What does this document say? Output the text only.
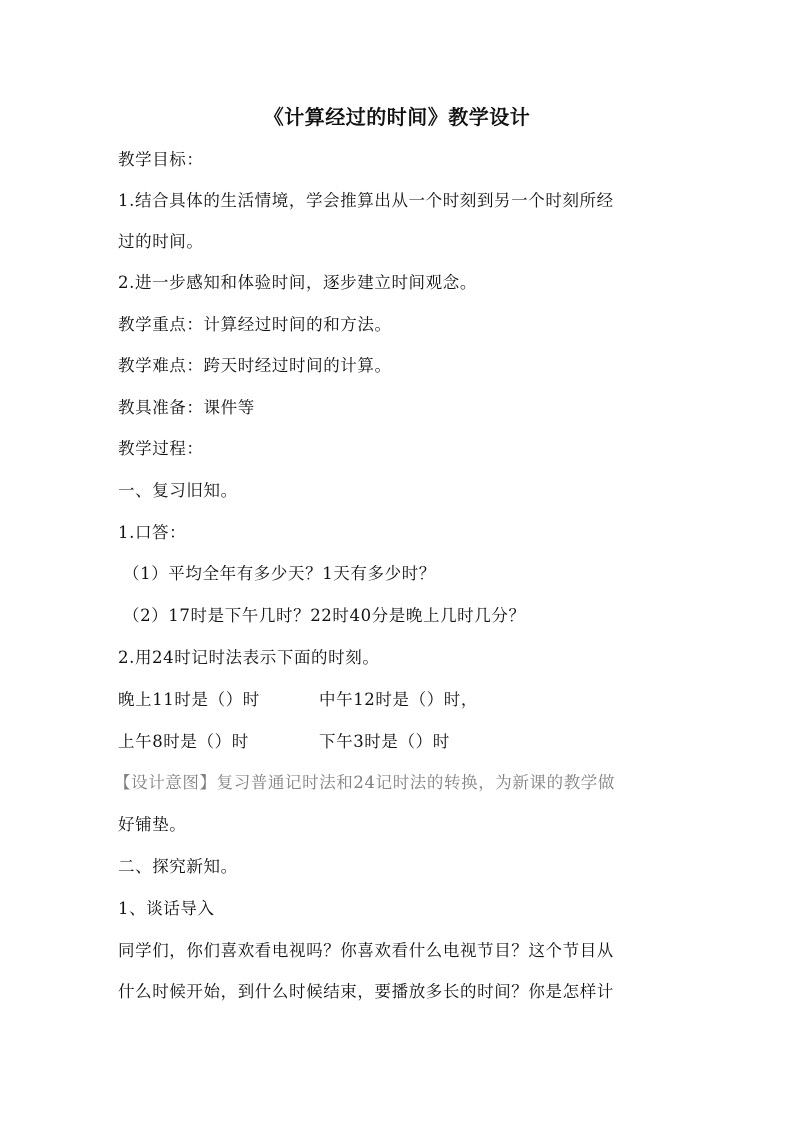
《计算经过的时间》教学设计
教学目标：
1.结合具体的生活情境，学会推算出从一个时刻到另一个时刻所经
过的时间。
2.进一步感知和体验时间，逐步建立时间观念。
教学重点：计算经过时间的和方法。
教学难点：跨天时经过时间的计算。
教具准备：课件等
教学过程：
一、复习旧知。
1.口答：
（1）平均全年有多少天？1天有多少时？
（2）17时是下午几时？22时40分是晚上几时几分？
2.用24时记时法表示下面的时刻。
晚上11时是（）时	中午12时是（）时，
上午8时是（）时	下午3时是（）时
【设计意图】复习普通记时法和24记时法的转换，为新课的教学做
好铺垫。
二、探究新知。
1、谈话导入
同学们，你们喜欢看电视吗？你喜欢看什么电视节目？这个节目从
什么时候开始，到什么时候结束，要播放多长的时间？你是怎样计
